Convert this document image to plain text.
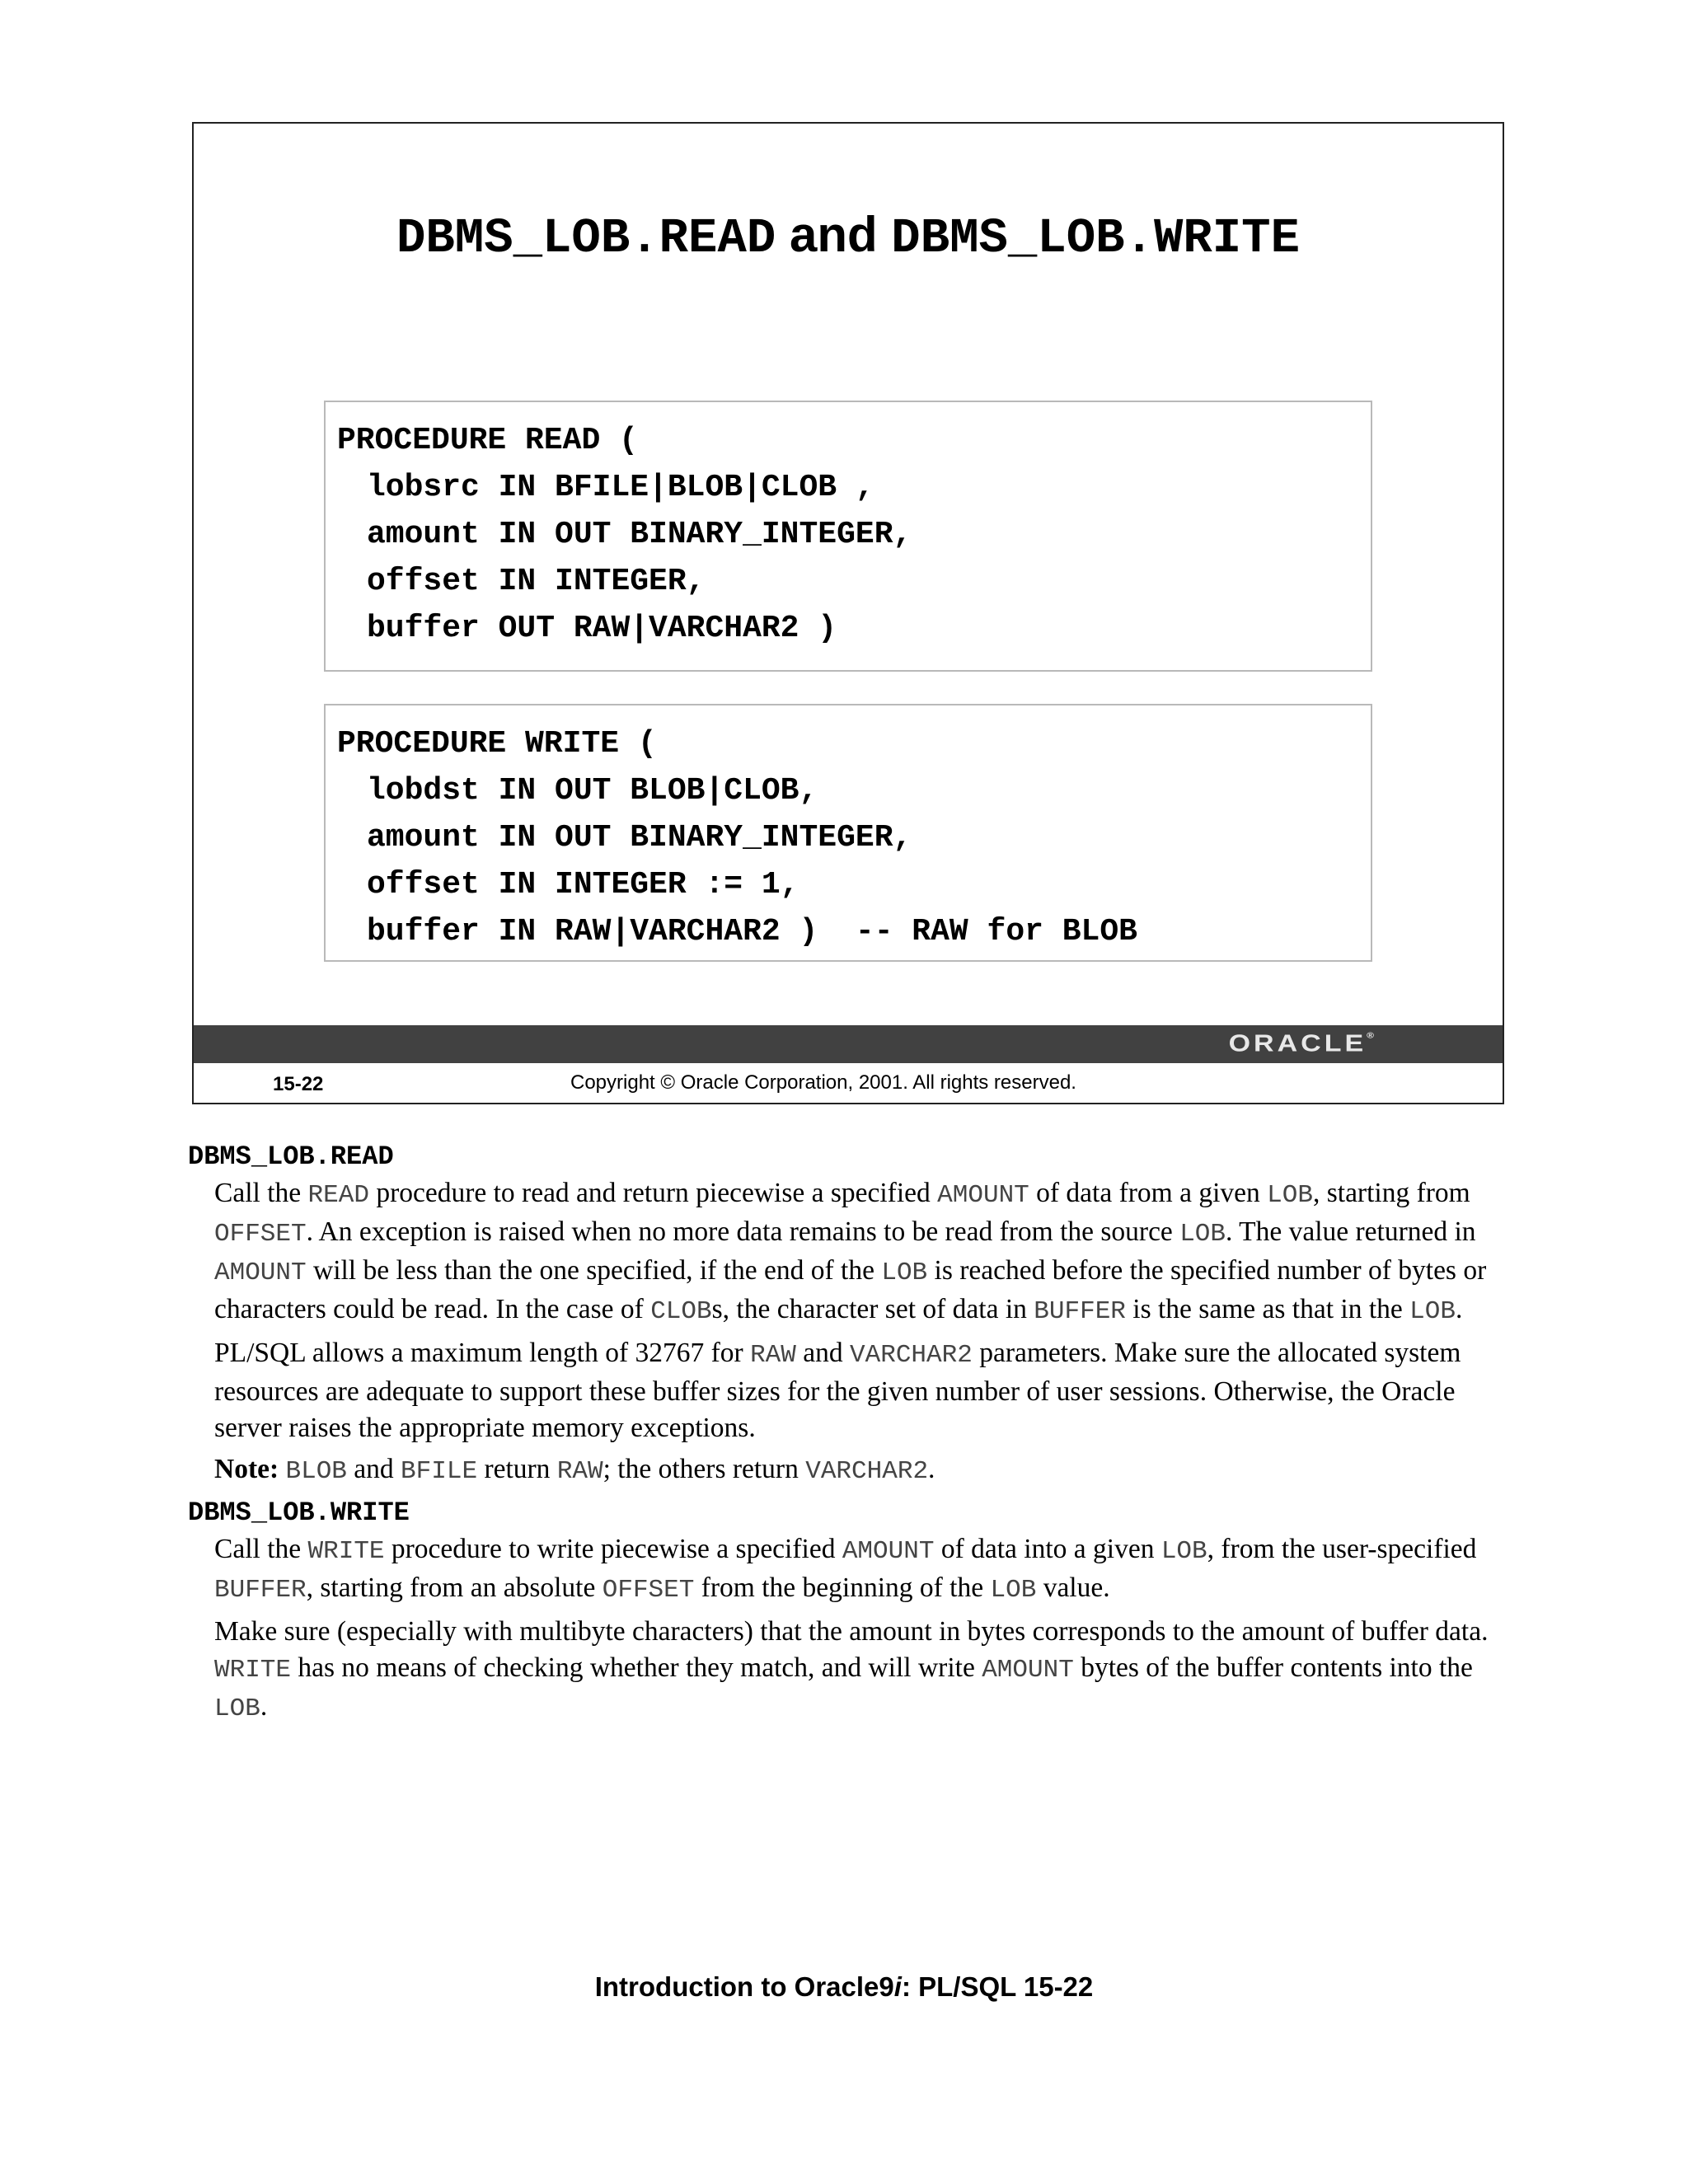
DBMS_LOB.READ and DBMS_LOB.WRITE
PROCEDURE READ (
lobsrc IN BFILE|BLOB|CLOB ,
amount IN OUT BINARY_INTEGER,
offset IN INTEGER,
buffer OUT RAW|VARCHAR2 )
PROCEDURE WRITE (
lobdst IN OUT BLOB|CLOB,
amount IN OUT BINARY_INTEGER,
offset IN INTEGER := 1,
buffer IN RAW|VARCHAR2 )  -- RAW for BLOB
ORACLE®
15-22	Copyright © Oracle Corporation, 2001. All rights reserved.

DBMS_LOB.READ

Call the READ procedure to read and return piecewise a specified AMOUNT of data from a given LOB, starting from OFFSET. An exception is raised when no more data remains to be read from the source LOB. The value returned in AMOUNT will be less than the one specified, if the end of the LOB is reached before the specified number of bytes or characters could be read. In the case of CLOBs, the character set of data in BUFFER is the same as that in the LOB.

PL/SQL allows a maximum length of 32767 for RAW and VARCHAR2 parameters. Make sure the allocated system resources are adequate to support these buffer sizes for the given number of user sessions. Otherwise, the Oracle server raises the appropriate memory exceptions.

Note: BLOB and BFILE return RAW; the others return VARCHAR2.

DBMS_LOB.WRITE

Call the WRITE procedure to write piecewise a specified AMOUNT of data into a given LOB, from the user-specified BUFFER, starting from an absolute OFFSET from the beginning of the LOB value.

Make sure (especially with multibyte characters) that the amount in bytes corresponds to the amount of buffer data. WRITE has no means of checking whether they match, and will write AMOUNT bytes of the buffer contents into the LOB.

Introduction to Oracle9i: PL/SQL 15-22
